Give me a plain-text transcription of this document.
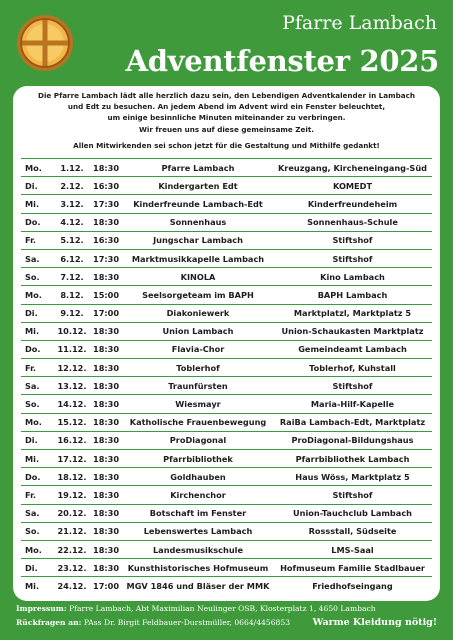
Pfarre Lambach
Adventfenster 2025

Die Pfarre Lambach lädt alle herzlich dazu sein, den Lebendigen Adventkalender in Lambach

und Edt zu besuchen. An jedem Abend im Advent wird ein Fenster beleuchtet,

um einige besinnliche Minuten miteinander zu verbringen.

Wir freuen uns auf diese gemeinsame Zeit.

Allen Mitwirkenden sei schon jetzt für die Gestaltung und Mithilfe gedankt!

Mo.	1.12.	18:30	Pfarre Lambach	Kreuzgang, Kircheneingang-Süd
Di.	2.12.	16:30	Kindergarten Edt	KOMEDT
Mi.	3.12.	17:30	Kinderfreunde Lambach-Edt	Kinderfreundeheim
Do.	4.12.	18:30	Sonnenhaus	Sonnenhaus-Schule
Fr.	5.12.	16:30	Jungschar Lambach	Stiftshof
Sa.	6.12.	17:30	Marktmusikkapelle Lambach	Stiftshof
So.	7.12.	18:30	KINOLA	Kino Lambach
Mo.	8.12.	15:00	Seelsorgeteam im BAPH	BAPH Lambach
Di.	9.12.	17:00	Diakoniewerk	Marktplatzl, Marktplatz 5
Mi.	10.12.	18:30	Union Lambach	Union-Schaukasten Marktplatz
Do.	11.12.	18:30	Flavia-Chor	Gemeindeamt Lambach
Fr.	12.12.	18:30	Toblerhof	Toblerhof, Kuhstall
Sa.	13.12.	18:30	Traunfürsten	Stiftshof
So.	14.12.	18:30	Wiesmayr	Maria-Hilf-Kapelle
Mo.	15.12.	18:30	Katholische Frauenbewegung	RaiBa Lambach-Edt, Marktplatz
Di.	16.12.	18:30	ProDiagonal	ProDiagonal-Bildungshaus
Mi.	17.12.	18:30	Pfarrbibliothek	Pfarrbibliothek Lambach
Do.	18.12.	18:30	Goldhauben	Haus Wöss, Marktplatz 5
Fr.	19.12.	18:30	Kirchenchor	Stiftshof
Sa.	20.12.	18:30	Botschaft im Fenster	Union-Tauchclub Lambach
So.	21.12.	18:30	Lebenswertes Lambach	Rossstall, Südseite
Mo.	22.12.	18:30	Landesmusikschule	LMS-Saal
Di.	23.12.	18:30	Kunsthistorisches Hofmuseum	Hofmuseum Familie Stadlbauer
Mi.	24.12.	17:00	MGV 1846 und Bläser der MMK	Friedhofseingang
Impressum: Pfarre Lambach, Abt Maximilian Neulinger OSB, Klosterplatz 1, 4650 Lambach
Rückfragen an: PAss Dr. Birgit Feldbauer-Durstmüller, 0664/4456853 Warme Kleidung nötig!
